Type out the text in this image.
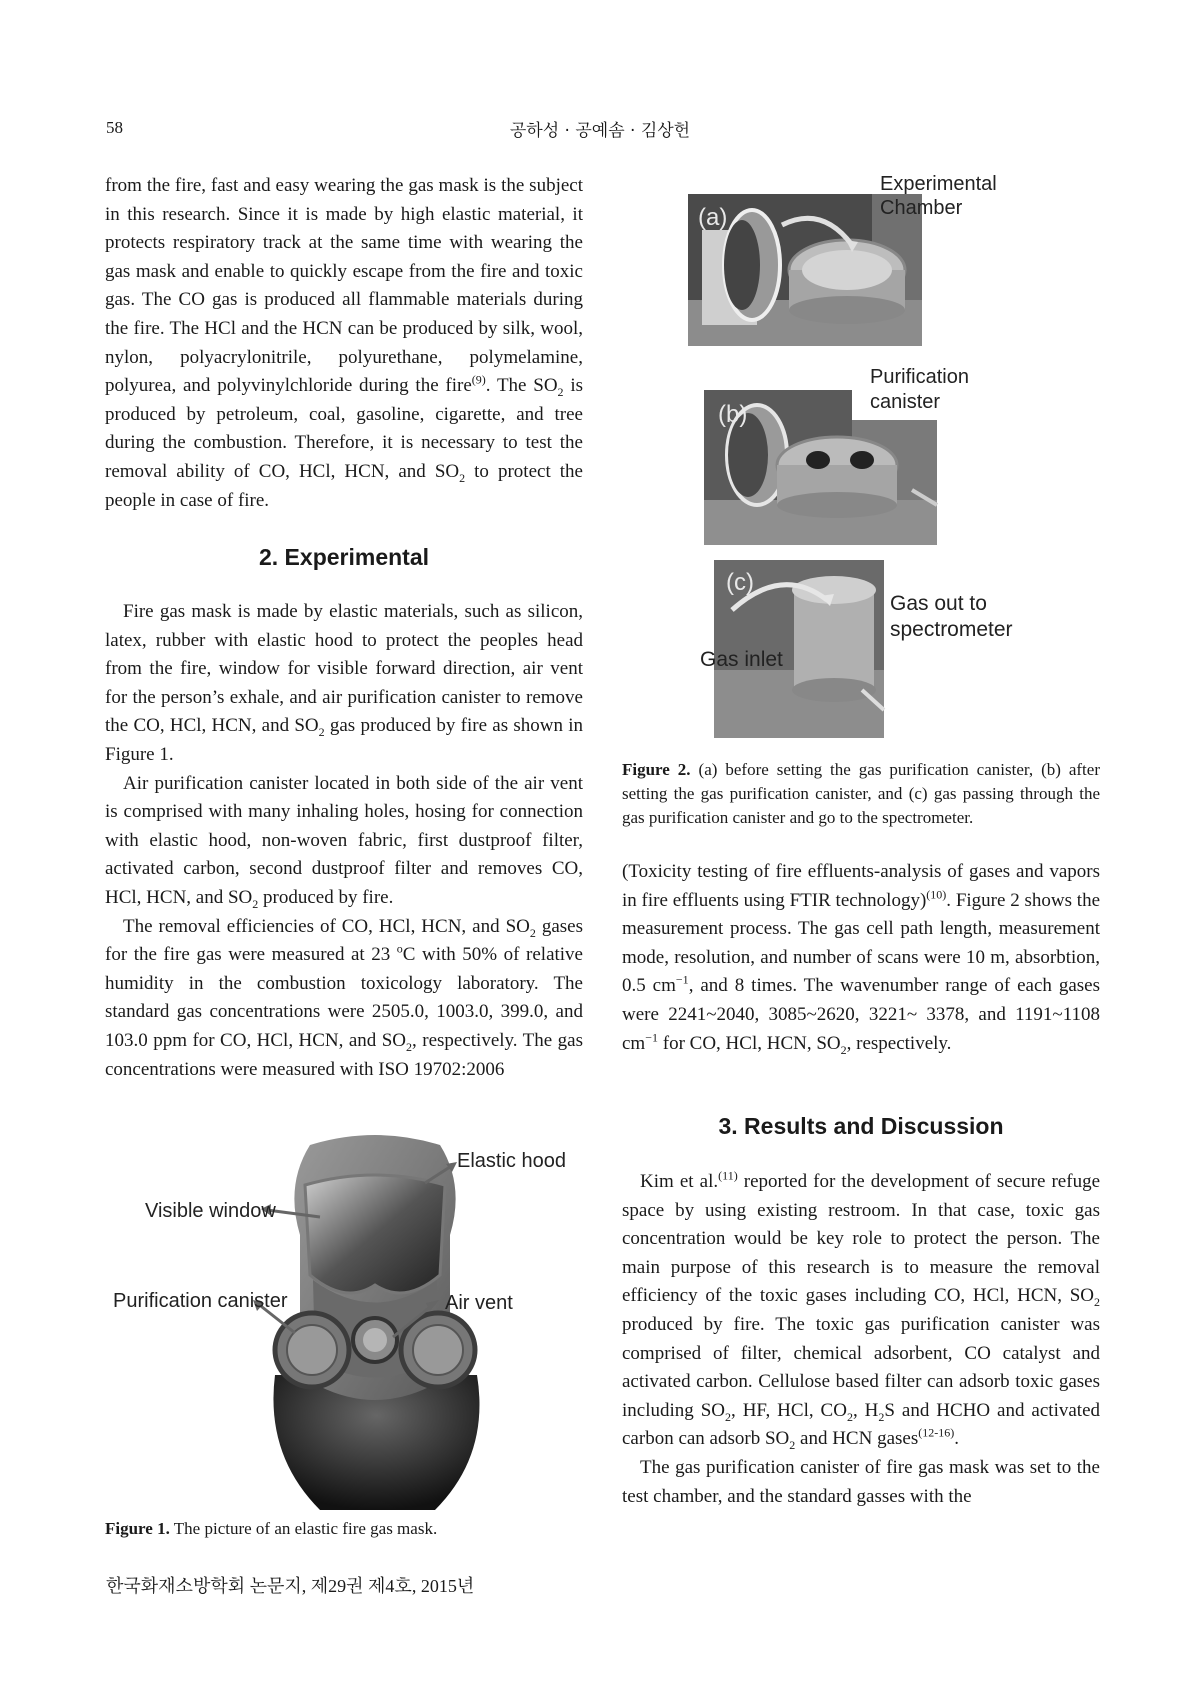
58	공하성 · 공예솜 · 김상헌

from the fire, fast and easy wearing the gas mask is the subject in this research. Since it is made by high elastic material, it protects respiratory track at the same time with wearing the gas mask and enable to quickly escape from the fire and toxic gas. The CO gas is produced all flammable materials during the fire. The HCl and the HCN can be produced by silk, wool, nylon, polyacrylonitrile, polyurethane, polymelamine, polyurea, and polyvinylchloride during the fire$^{(9)}$. The $SO_2$ is produced by petroleum, coal, gasoline, cigarette, and tree during the combustion. Therefore, it is necessary to test the removal ability of CO, HCl, HCN, and $SO_2$ to protect the people in case of fire.

2. Experimental

Fire gas mask is made by elastic materials, such as silicon, latex, rubber with elastic hood to protect the peoples head from the fire, window for visible forward direction, air vent for the person’s exhale, and air purification canister to remove the CO, HCl, HCN, and $SO_2$ gas produced by fire as shown in Figure 1.

Air purification canister located in both side of the air vent is comprised with many inhaling holes, hosing for connection with elastic hood, non-woven fabric, first dustproof filter, activated carbon, second dustproof filter and removes CO, HCl, HCN, and $SO_2$ produced by fire.

The removal efficiencies of CO, HCl, HCN, and $SO_2$ gases for the fire gas were measured at 23 $^o$C with 50% of relative humidity in the combustion toxicology laboratory. The standard gas concentrations were 2505.0, 1003.0, 399.0, and 103.0 ppm for CO, HCl, HCN, and $SO_2$, respectively. The gas concentrations were measured with ISO 19702:2006

Elastic hood
Visible window
Purification canister	Air vent
Figure 1. The picture of an elastic fire gas mask.
(a)
Experimental
Chamber
(b)
Purification
canister
(c)
Gas out to
spectrometer
Gas inlet
Figure 2. (a) before setting the gas purification canister, (b) after setting the gas purification canister, and (c) gas passing through the gas purification canister and go to the spectrometer.

(Toxicity testing of fire effluents-analysis of gases and vapors in fire effluents using FTIR technology)$^{(10)}$. Figure 2 shows the measurement process. The gas cell path length, measurement mode, resolution, and number of scans were 10 m, absorbtion, 0.5 $cm^{-1}$, and 8 times. The wavenumber range of each gases were 2241~2040, 3085~2620, 3221~ 3378, and 1191~1108 $cm^{-1}$ for CO, HCl, HCN, $SO_2$, respectively.

3. Results and Discussion

Kim et al.$^{(11)}$ reported for the development of secure refuge space by using existing restroom. In that case, toxic gas concentration would be key role to protect the person. The main purpose of this research is to measure the removal efficiency of the toxic gases including CO, HCl, HCN, $SO_2$ produced by fire. The toxic gas purification canister was comprised of filter, chemical adsorbent, CO catalyst and activated carbon. Cellulose based filter can adsorb toxic gases including $SO_2$, HF, HCl, $CO_2$, $H_2S$ and HCHO and activated carbon can adsorb $SO_2$ and HCN gases$^{(12-16)}$.

The gas purification canister of fire gas mask was set to the test chamber, and the standard gasses with the

한국화재소방학회 논문지, 제29권 제4호, 2015년
